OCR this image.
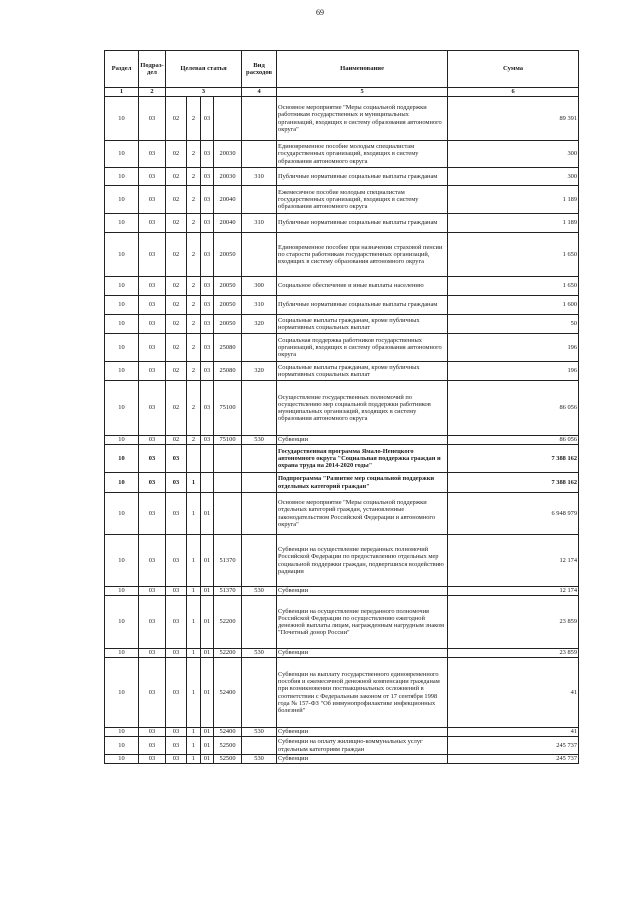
69
Раздел	Подраз-дел	Целевая статья				Вид расходов	Наименование	Сумма
1	2	3				4	5	6
10	03	02	2	03			Основное мероприятие "Меры социальной поддержки работникам государственных и муниципальных организаций, входящих в систему образования автономного округа"	89 391
10	03	02	2	03	20030		Единовременное пособие молодым специалистам государственных организаций, входящих в систему образования автономного округа	300
10	03	02	2	03	20030	310	Публичные нормативные социальные выплаты гражданам	300
10	03	02	2	03	20040		Ежемесячное пособие молодым специалистам государственных организаций, входящих в систему образования автономного округа	1 189
10	03	02	2	03	20040	310	Публичные нормативные социальные выплаты гражданам	1 189
10	03	02	2	03	20050		Единовременное пособие при назначении страховой пенсии по старости работникам государственных организаций, входящих в систему образования автономного округа	1 650
10	03	02	2	03	20050	300	Социальное обеспечение и иные выплаты населению	1 650
10	03	02	2	03	20050	310	Публичные нормативные социальные выплаты гражданам	1 600
10	03	02	2	03	20050	320	Социальные выплаты гражданам, кроме публичных нормативных социальных выплат	50
10	03	02	2	03	25080		Социальная поддержка работников государственных организаций, входящих в систему образования автономного округа	196
10	03	02	2	03	25080	320	Социальные выплаты гражданам, кроме публичных нормативных социальных выплат	196
10	03	02	2	03	75100		Осуществление государственных полномочий по осуществлению мер социальной поддержки работников муниципальных организаций, входящих в систему образования автономного округа	86 056
10	03	02	2	03	75100	530	Субвенции	86 056
10	03	03					Государственная программа Ямало-Ненецкого автономного округа "Социальная поддержка граждан и охрана труда на 2014-2020 годы"	7 388 162
10	03	03	1				Подпрограмма "Развитие мер социальной поддержки отдельных категорий граждан"	7 388 162
10	03	03	1	01			Основное мероприятие "Меры социальной поддержки отдельных категорий граждан, установленные законодательством Российской Федерации и автономного округа"	6 948 979
10	03	03	1	01	51370		Субвенции на осуществление переданных полномочий Российской Федерации по предоставлению отдельных мер социальной поддержки граждан, подвергшихся воздействию радиации	12 174
10	03	03	1	01	51370	530	Субвенции	12 174
10	03	03	1	01	52200		Субвенции на осуществление переданного полномочия Российской Федерации по осуществлению ежегодной денежной выплаты лицам, награжденным нагрудным знаком "Почетный донор России"	23 859
10	03	03	1	01	52200	530	Субвенции	23 859
10	03	03	1	01	52400		Субвенции на выплату государственного единовременного пособия и ежемесячной денежной компенсации гражданам при возникновении поствакцинальных осложнений в соответствии с Федеральным законом от 17 сентября 1998 года № 157-ФЗ "Об иммунопрофилактике инфекционных болезней"	41
10	03	03	1	01	52400	530	Субвенции	41
10	03	03	1	01	52500		Субвенции на оплату жилищно-коммунальных услуг отдельным категориям граждан	245 737
10	03	03	1	01	52500	530	Субвенции	245 737
